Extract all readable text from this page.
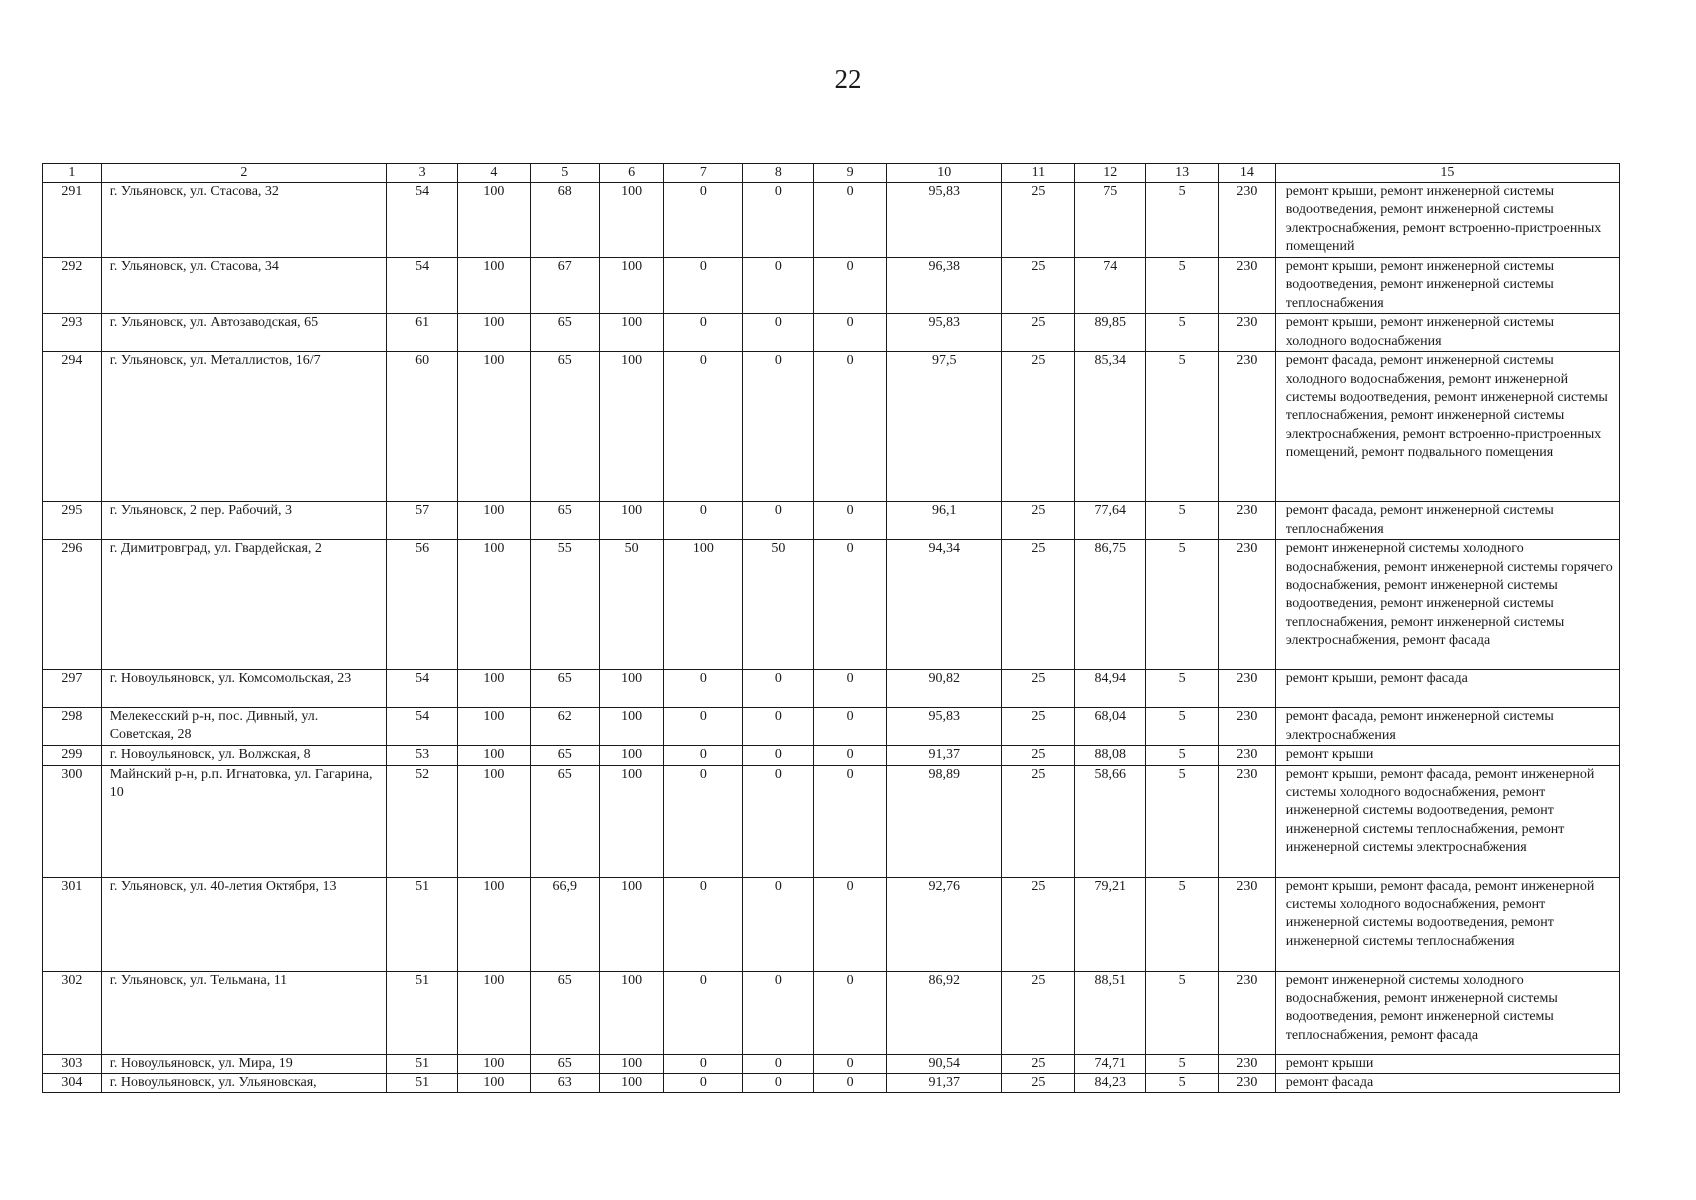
22
1	2	3	4	5	6	7	8	9	10	11	12	13	14	15
291	г. Ульяновск, ул. Стасова, 32	54	100	68	100	0	0	0	95,83	25	75	5	230	ремонт крыши, ремонт инженерной системы водоотведения, ремонт инженерной системы электроснабжения, ремонт встроенно-пристроенных помещений
292	г. Ульяновск, ул. Стасова, 34	54	100	67	100	0	0	0	96,38	25	74	5	230	ремонт крыши, ремонт инженерной системы водоотведения, ремонт инженерной системы теплоснабжения
293	г. Ульяновск, ул. Автозаводская, 65	61	100	65	100	0	0	0	95,83	25	89,85	5	230	ремонт крыши, ремонт инженерной системы холодного водоснабжения
294	г. Ульяновск, ул. Металлистов, 16/7	60	100	65	100	0	0	0	97,5	25	85,34	5	230	ремонт фасада, ремонт инженерной системы холодного водоснабжения, ремонт инженерной системы водоотведения, ремонт инженерной системы теплоснабжения, ремонт инженерной системы электроснабжения, ремонт встроенно-пристроенных помещений, ремонт подвального помещения
295	г. Ульяновск, 2 пер. Рабочий, 3	57	100	65	100	0	0	0	96,1	25	77,64	5	230	ремонт фасада, ремонт инженерной системы теплоснабжения
296	г. Димитровград, ул. Гвардейская, 2	56	100	55	50	100	50	0	94,34	25	86,75	5	230	ремонт инженерной системы холодного водоснабжения, ремонт инженерной системы горячего водоснабжения, ремонт инженерной системы водоотведения, ремонт инженерной системы теплоснабжения, ремонт инженерной системы электроснабжения, ремонт фасада
297	г. Новоульяновск, ул. Комсомольская, 23	54	100	65	100	0	0	0	90,82	25	84,94	5	230	ремонт крыши, ремонт фасада
298	Мелекесский р-н, пос. Дивный, ул. Советская, 28	54	100	62	100	0	0	0	95,83	25	68,04	5	230	ремонт фасада, ремонт инженерной системы электроснабжения
299	г. Новоульяновск, ул. Волжская, 8	53	100	65	100	0	0	0	91,37	25	88,08	5	230	ремонт крыши
300	Майнский р-н, р.п. Игнатовка, ул. Гагарина, 10	52	100	65	100	0	0	0	98,89	25	58,66	5	230	ремонт крыши, ремонт фасада, ремонт инженерной системы холодного водоснабжения, ремонт инженерной системы водоотведения, ремонт инженерной системы теплоснабжения, ремонт инженерной системы электроснабжения
301	г. Ульяновск, ул. 40-летия Октября, 13	51	100	66,9	100	0	0	0	92,76	25	79,21	5	230	ремонт крыши, ремонт фасада, ремонт инженерной системы холодного водоснабжения, ремонт инженерной системы водоотведения, ремонт инженерной системы теплоснабжения
302	г. Ульяновск, ул. Тельмана, 11	51	100	65	100	0	0	0	86,92	25	88,51	5	230	ремонт инженерной системы холодного водоснабжения, ремонт инженерной системы водоотведения, ремонт инженерной системы теплоснабжения, ремонт фасада
303	г. Новоульяновск, ул. Мира, 19	51	100	65	100	0	0	0	90,54	25	74,71	5	230	ремонт крыши
304	г. Новоульяновск, ул. Ульяновская,	51	100	63	100	0	0	0	91,37	25	84,23	5	230	ремонт фасада
